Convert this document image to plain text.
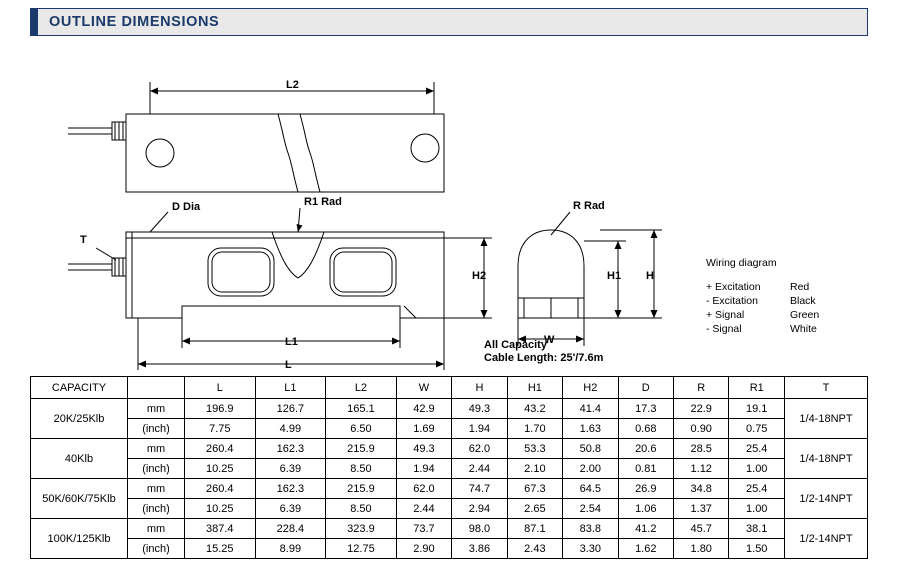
OUTLINE DIMENSIONS
L2
L1
L
R1 Rad	R Rad
D Dia
T
W
H
H1
H2
All Capacity
Cable Length: 25'/7.6m
Wiring diagram
+ Excitation	Red
- Excitation	Black
+ Signal	Green
- Signal	White
CAPACITY		L	L1	L2	W	H	H1	H2	D	R	R1	T
20K/25Klb	mm	196.9	126.7	165.1	42.9	49.3	43.2	41.4	17.3	22.9	19.1	1/4-18NPT
	(inch)	7.75	4.99	6.50	1.69	1.94	1.70	1.63	0.68	0.90	0.75	
40Klb	mm	260.4	162.3	215.9	49.3	62.0	53.3	50.8	20.6	28.5	25.4	1/4-18NPT
	(inch)	10.25	6.39	8.50	1.94	2.44	2.10	2.00	0.81	1.12	1.00	
50K/60K/75Klb	mm	260.4	162.3	215.9	62.0	74.7	67.3	64.5	26.9	34.8	25.4	1/2-14NPT
	(inch)	10.25	6.39	8.50	2.44	2.94	2.65	2.54	1.06	1.37	1.00	
100K/125Klb	mm	387.4	228.4	323.9	73.7	98.0	87.1	83.8	41.2	45.7	38.1	1/2-14NPT
	(inch)	15.25	8.99	12.75	2.90	3.86	2.43	3.30	1.62	1.80	1.50	
